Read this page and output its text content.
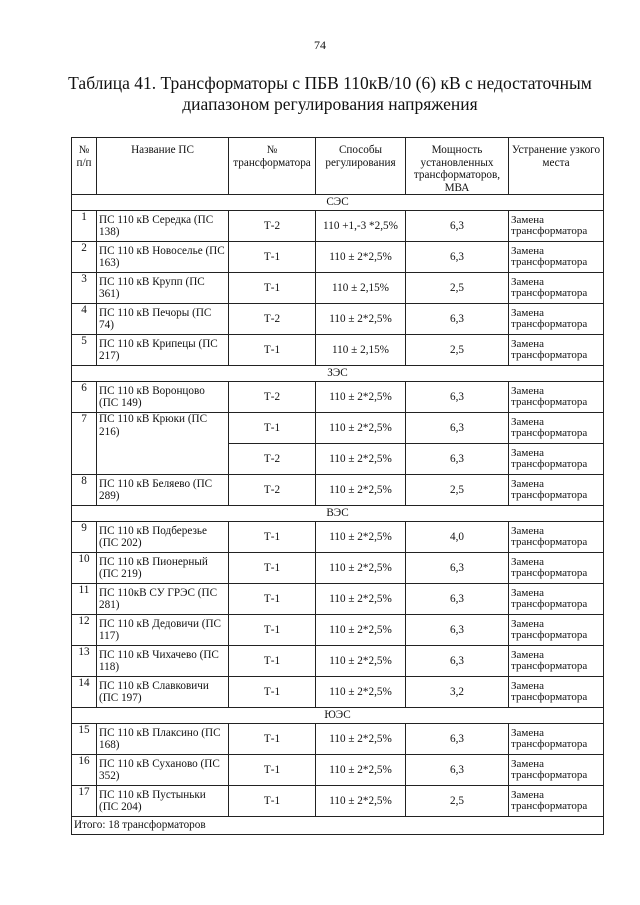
74
Таблица 41. Трансформаторы с ПБВ 110кВ/10 (6) кВ с недостаточным
диапазоном регулирования напряжения
№ п/п	Название ПС	№ трансформатора	Способы регулирования	Мощность установленных трансформаторов, МВА	Устранение узкого места
СЭС					
1	ПС 110 кВ Середка (ПС 138)	Т-2	110 +1,-3 *2,5%	6,3	Замена трансформатора
2	ПС 110 кВ Новоселье (ПС 163)	Т-1	110 ± 2*2,5%	6,3	Замена трансформатора
3	ПС 110 кВ Крупп (ПС 361)	Т-1	110 ± 2,15%	2,5	Замена трансформатора
4	ПС 110 кВ Печоры (ПС 74)	Т-2	110 ± 2*2,5%	6,3	Замена трансформатора
5	ПС 110 кВ Крипецы (ПС 217)	Т-1	110 ± 2,15%	2,5	Замена трансформатора
ЗЭС					
6	ПС 110 кВ Воронцово (ПС 149)	Т-2	110 ± 2*2,5%	6,3	Замена трансформатора
7	ПС 110 кВ Крюки (ПС 216)	Т-1	110 ± 2*2,5%	6,3	Замена трансформатора
		Т-2	110 ± 2*2,5%	6,3	Замена трансформатора
8	ПС 110 кВ Беляево (ПС 289)	Т-2	110 ± 2*2,5%	2,5	Замена трансформатора
ВЭС					
9	ПС 110 кВ Подберезье (ПС 202)	Т-1	110 ± 2*2,5%	4,0	Замена трансформатора
10	ПС 110 кВ Пионерный (ПС 219)	Т-1	110 ± 2*2,5%	6,3	Замена трансформатора
11	ПС 110кВ СУ ГРЭС (ПС 281)	Т-1	110 ± 2*2,5%	6,3	Замена трансформатора
12	ПС 110 кВ Дедовичи (ПС 117)	Т-1	110 ± 2*2,5%	6,3	Замена трансформатора
13	ПС 110 кВ Чихачево (ПС 118)	Т-1	110 ± 2*2,5%	6,3	Замена трансформатора
14	ПС 110 кВ Славковичи (ПС 197)	Т-1	110 ± 2*2,5%	3,2	Замена трансформатора
ЮЭС					
15	ПС 110 кВ Плаксино (ПС 168)	Т-1	110 ± 2*2,5%	6,3	Замена трансформатора
16	ПС 110 кВ Суханово (ПС 352)	Т-1	110 ± 2*2,5%	6,3	Замена трансформатора
17	ПС 110 кВ Пустыньки (ПС 204)	Т-1	110 ± 2*2,5%	2,5	Замена трансформатора
Итого: 18 трансформаторов					
